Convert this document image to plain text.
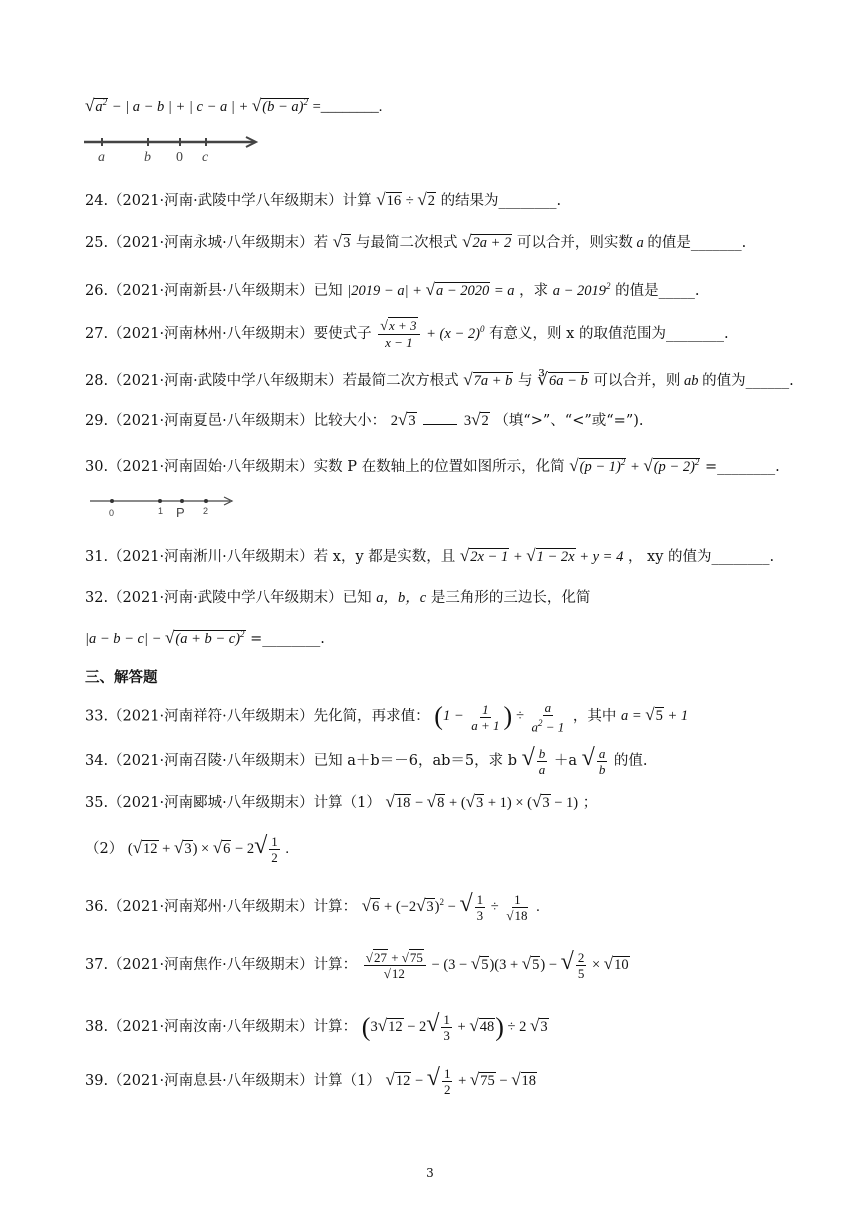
$√a^2$ − | a − b | + | c − a | + $√(b - a)^2$ =________.
a	b 0 c
24.（2021·河南·武陵中学八年级期末）计算 √16 ÷ √2 的结果为________.
25.（2021·河南永城·八年级期末）若 √3 与最简二次根式 √2a + 2 可以合并，则实数 a 的值是_______.
26.（2021·河南新县·八年级期末）已知 |2019 − a| + √a − 2020 = a ，求 $a - 2019^2$ 的值是_____.
27.（2021·河南林州·八年级期末）要使式子 $\frac{√x + 3}{x - 1} + (x - 2)^0$ 有意义，则 x 的取值范围为________.
28.（2021·河南·武陵中学八年级期末）若最简二次方根式 √7a + b 与 ∛6a − b 可以合并，则 ab 的值为______.
29.（2021·河南夏邑·八年级期末）比较大小： 2√3	3√2 （填“>”、“<”或“=”).
30.（2021·河南固始·八年级期末）实数 P 在数轴上的位置如图所示，化简 $√(p - 1)^2 + √(p - 2)^2$ =________.
0	1 P 2
31.（2021·河南淅川·八年级期末）若 x，y 都是实数，且 √2x − 1 + √1 − 2x + y = 4 ， xy 的值为________.
32.（2021·河南·武陵中学八年级期末）已知 a，b，c 是三角形的三边长，化简
$|a - b - c| - √(a + b - c)^2$ =________.
三、解答题
33.（2021·河南祥符·八年级期末）先化简，再求值： ($1 - \frac{1}{a + 1}$ ) ÷ $\frac{a}{a^2 - 1}$ ，其中 a = √5 + 1
34.（2021·河南召陵·八年级期末）已知 a＋b＝－6，ab＝5，求 b √ $\frac{b}{a} +a$ √ $\frac{a}{b}$ 的值.
35.（2021·河南郾城·八年级期末）计算（1） √18 − √8 + (√3 + 1) × (√3 − 1) ；
（2） $(√12 + √3) \times √6 - 2√ \frac{1}{2}$ .
36.（2021·河南郑州·八年级期末）计算： $√6 + (-2√3)^2$ − √ $\frac{1}{3} \div \frac{1}{√18}$ .
37.（2021·河南焦作·八年级期末）计算： $\frac{√27 + √75}{√12} - (3 - √5)(3 + √5)$ − √ $\frac{2}{5} \times √10$
38.（2021·河南汝南·八年级期末）计算： $(3√12 - 2√ \frac{1}{3} + √48) \div 2$ √3
39.（2021·河南息县·八年级期末）计算（1） √12 − √ $\frac{1}{2} + √75 - √18$
3
